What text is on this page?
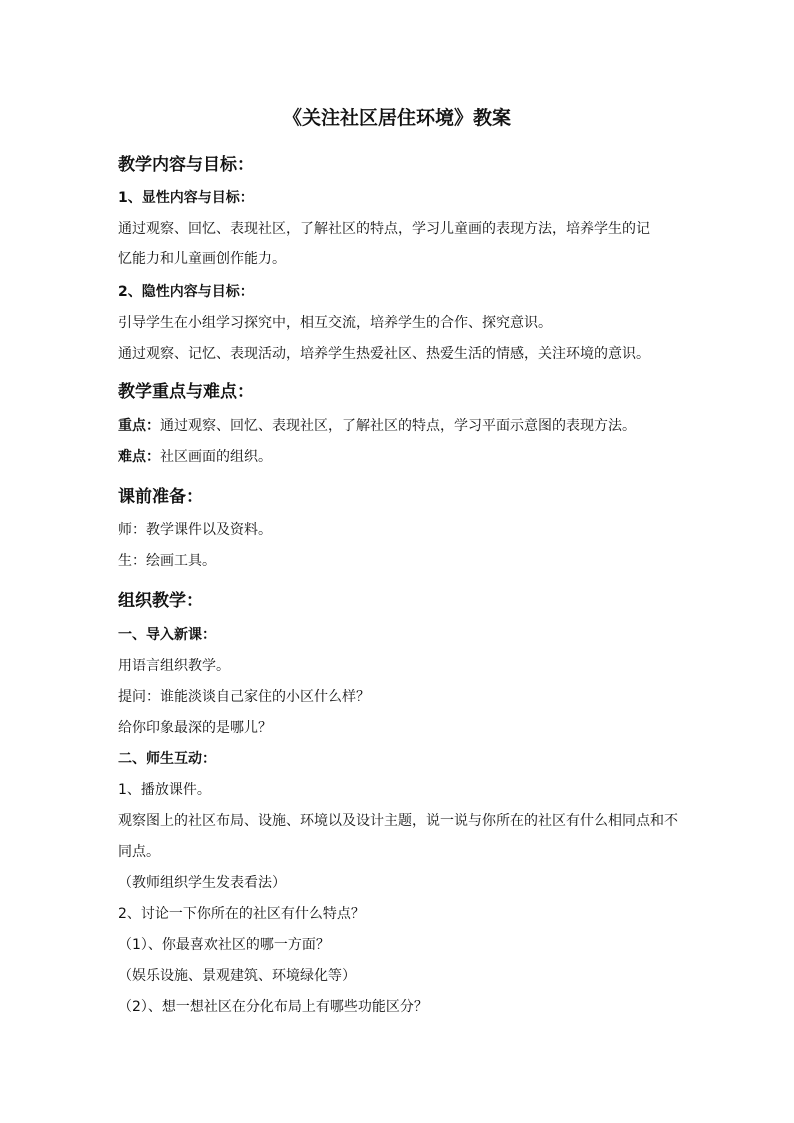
《关注社区居住环境》教案
教学内容与目标：
1、显性内容与目标：
通过观察、回忆、表现社区，了解社区的特点，学习儿童画的表现方法，培养学生的记
忆能力和儿童画创作能力。
2、隐性内容与目标：
引导学生在小组学习探究中，相互交流，培养学生的合作、探究意识。
通过观察、记忆、表现活动，培养学生热爱社区、热爱生活的情感，关注环境的意识。
教学重点与难点：
重点：通过观察、回忆、表现社区，了解社区的特点，学习平面示意图的表现方法。
难点：社区画面的组织。
课前准备：
师：教学课件以及资料。
生：绘画工具。
组织教学：
一、导入新课：
用语言组织教学。
提问：谁能淡谈自己家住的小区什么样？
给你印象最深的是哪儿？
二、师生互动：
1、播放课件。
观察图上的社区布局、设施、环境以及设计主题，说一说与你所在的社区有什么相同点和不
同点。
（教师组织学生发表看法）
2、讨论一下你所在的社区有什么特点？
（1）、你最喜欢社区的哪一方面？
（娱乐设施、景观建筑、环境绿化等）
（2）、想一想社区在分化布局上有哪些功能区分？
